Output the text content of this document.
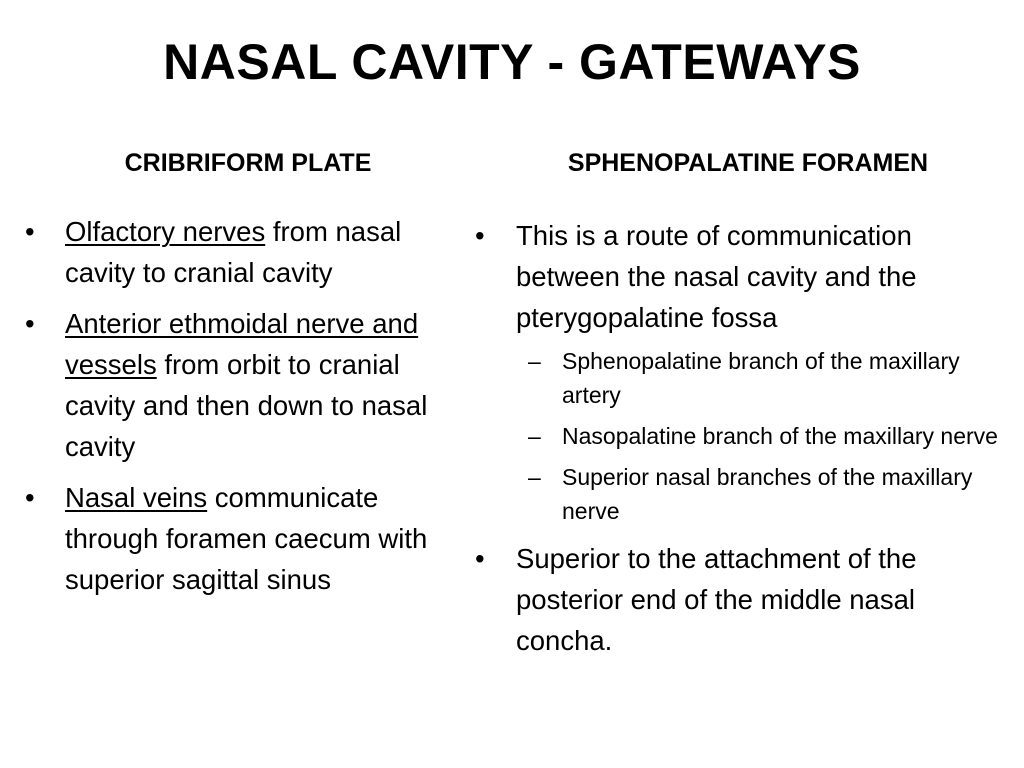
NASAL CAVITY - GATEWAYS
CRIBRIFORM PLATE
•	Olfactory nerves from nasal cavity to cranial cavity
•	Anterior ethmoidal nerve and vessels from orbit to cranial cavity and then down to nasal cavity
•	Nasal veins communicate through foramen caecum with superior sagittal sinus
SPHENOPALATINE FORAMEN
•	This is a route of communication between the nasal cavity and the pterygopalatine fossa
– Sphenopalatine branch of the maxillary artery
– Nasopalatine branch of the maxillary nerve
– Superior nasal branches of the maxillary nerve
•	Superior to the attachment of the posterior end of the middle nasal concha.
